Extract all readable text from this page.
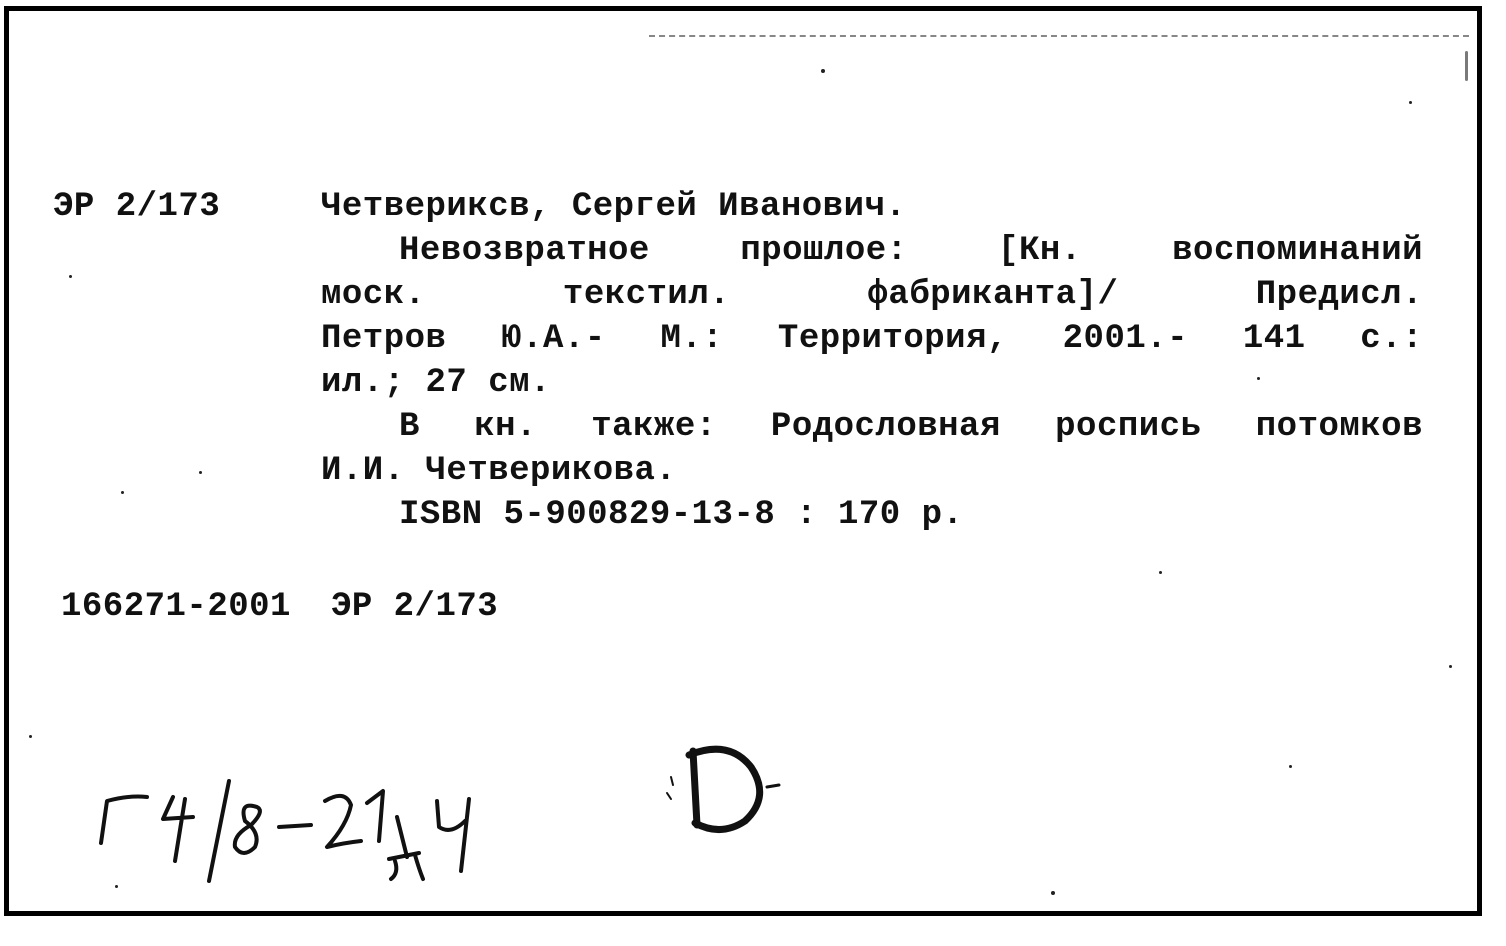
ЭР 2/173	Четвериксв, Сергей Иванович.
Невозвратное прошлое: [Кн. воспоминаний
моск. текстил. фабриканта]/ Предисл.
Петров Ю.А.- М.: Территория, 2001.- 141 с.:
ил.; 27 см.
В кн. также: Родословная роспись потомков
И.И. Четверикова.
ISBN 5-900829-13-8 : 170 р.
166271-2001 ЭР 2/173
